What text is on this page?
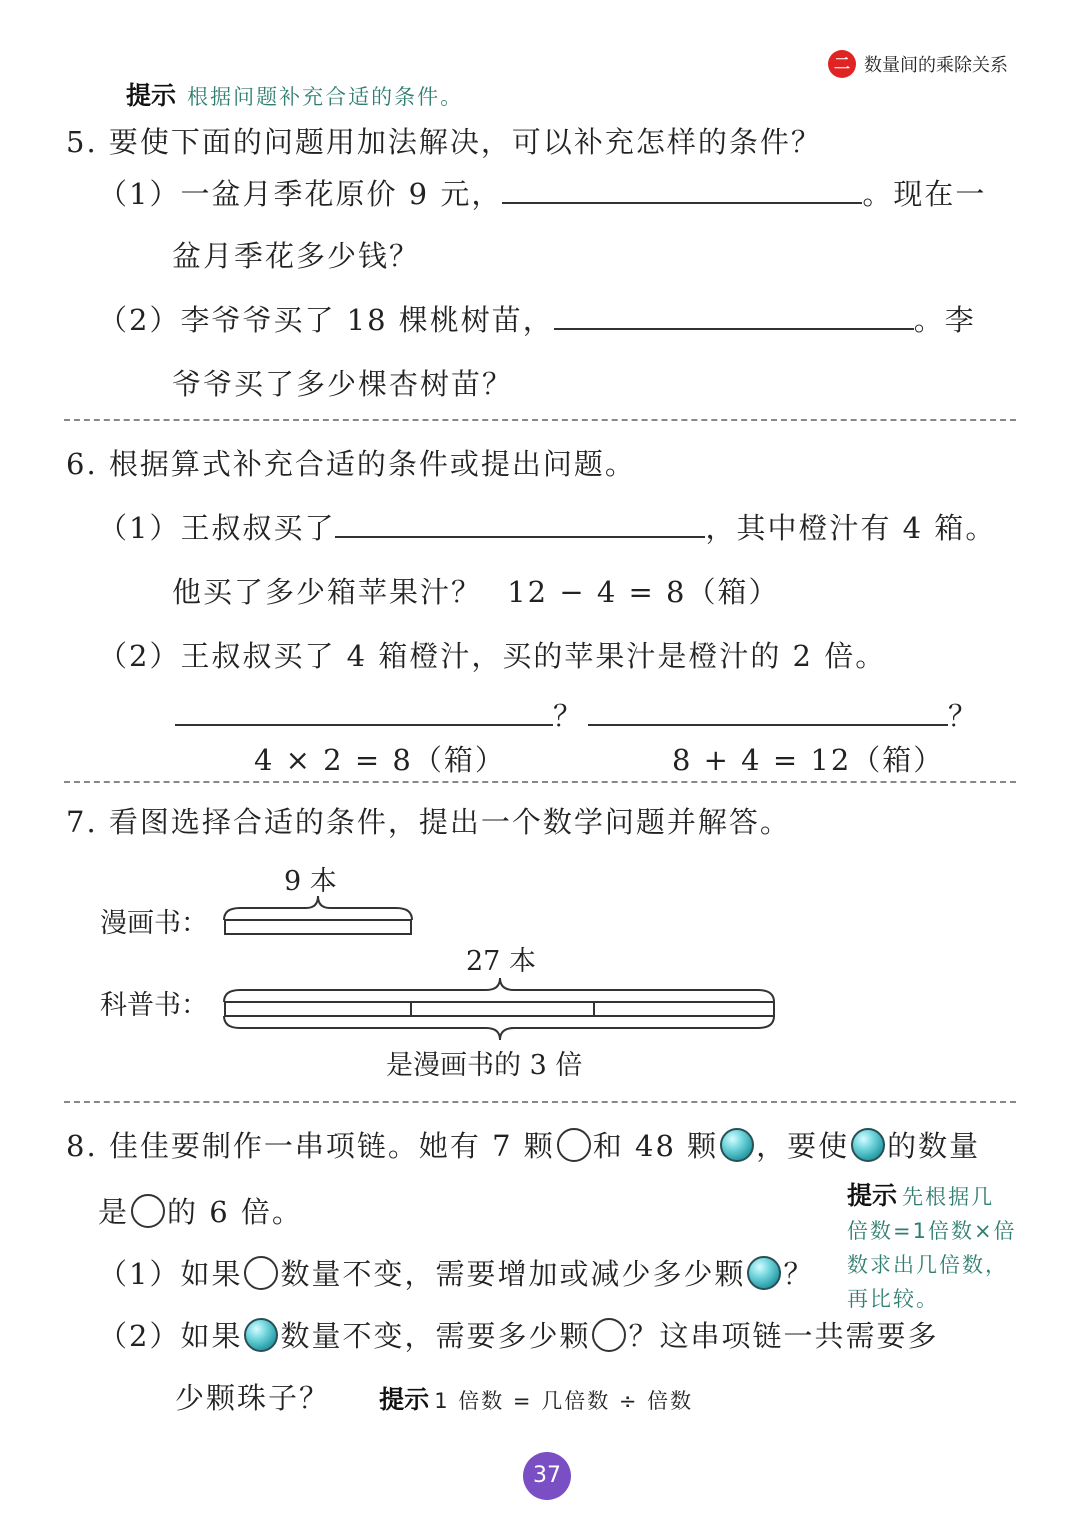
二 数量间的乘除关系
提示 根据问题补充合适的条件。
5. 要使下面的问题用加法解决，可以补充怎样的条件？
（1）一盆月季花原价 9 元，	。现在一
盆月季花多少钱？
（2）李爷爷买了 18 棵桃树苗，	。李
爷爷买了多少棵杏树苗？
6. 根据算式补充合适的条件或提出问题。
（1）王叔叔买了	，其中橙汁有 4 箱。
他买了多少箱苹果汁？ 12 − 4 = 8（箱）
（2）王叔叔买了 4 箱橙汁，买的苹果汁是橙汁的 2 倍。
？	？
4 × 2 = 8（箱）	8 + 4 = 12（箱）
7. 看图选择合适的条件，提出一个数学问题并解答。
漫画书：
9 本
科普书：
27 本
是漫画书的 3 倍
8. 佳佳要制作一串项链。她有 7 颗 和 48 颗 ，要使 的数量
是 的 6 倍。	提示 先根据几
倍数=1倍数×倍
数求出几倍数，
再比较。
（1）如果 数量不变，需要增加或减少多少颗 ？
（2）如果 数量不变，需要多少颗 ？这串项链一共需要多
少颗珠子？ 提示 1 倍数 = 几倍数 ÷ 倍数
37
